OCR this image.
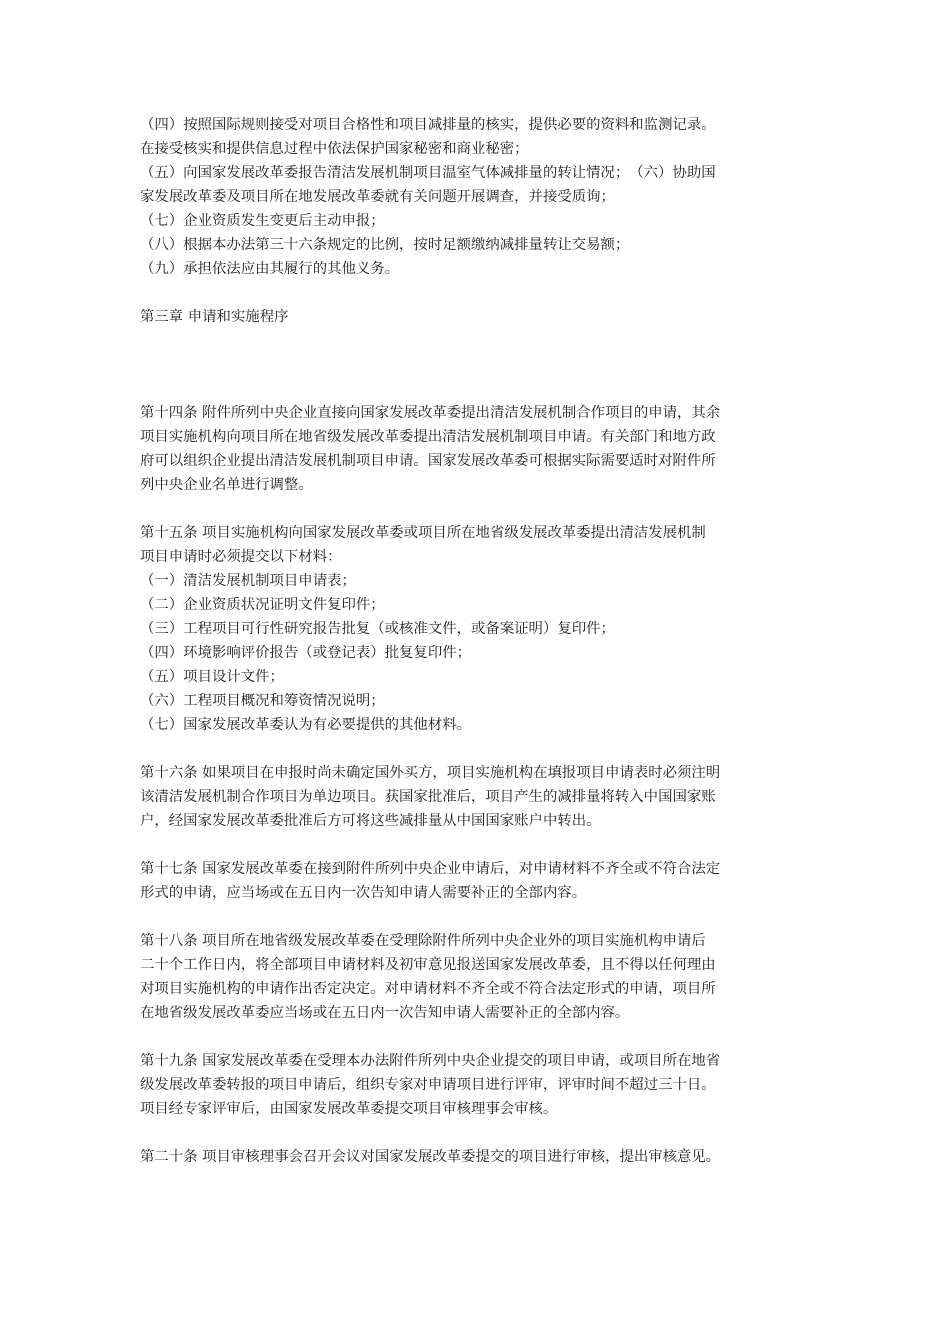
（四）按照国际规则接受对项目合格性和项目减排量的核实，提供必要的资料和监测记录。

在接受核实和提供信息过程中依法保护国家秘密和商业秘密；

（五）向国家发展改革委报告清洁发展机制项目温室气体减排量的转让情况；　（六）协助国

家发展改革委及项目所在地发展改革委就有关问题开展调查，并接受质询；

（七）企业资质发生变更后主动申报；

（八）根据本办法第三十六条规定的比例，按时足额缴纳减排量转让交易额；

（九）承担依法应由其履行的其他义务。

第三章 申请和实施程序

第十四条 附件所列中央企业直接向国家发展改革委提出清洁发展机制合作项目的申请，其余

项目实施机构向项目所在地省级发展改革委提出清洁发展机制项目申请。有关部门和地方政

府可以组织企业提出清洁发展机制项目申请。国家发展改革委可根据实际需要适时对附件所

列中央企业名单进行调整。

第十五条 项目实施机构向国家发展改革委或项目所在地省级发展改革委提出清洁发展机制

项目申请时必须提交以下材料：

（一）清洁发展机制项目申请表；

（二）企业资质状况证明文件复印件；

（三）工程项目可行性研究报告批复（或核准文件，或备案证明）复印件；

（四）环境影响评价报告（或登记表）批复复印件；

（五）项目设计文件；

（六）工程项目概况和筹资情况说明；

（七）国家发展改革委认为有必要提供的其他材料。

第十六条 如果项目在申报时尚未确定国外买方，项目实施机构在填报项目申请表时必须注明

该清洁发展机制合作项目为单边项目。获国家批准后，项目产生的减排量将转入中国国家账

户，经国家发展改革委批准后方可将这些减排量从中国国家账户中转出。

第十七条 国家发展改革委在接到附件所列中央企业申请后，对申请材料不齐全或不符合法定

形式的申请，应当场或在五日内一次告知申请人需要补正的全部内容。

第十八条 项目所在地省级发展改革委在受理除附件所列中央企业外的项目实施机构申请后

二十个工作日内，将全部项目申请材料及初审意见报送国家发展改革委，且不得以任何理由

对项目实施机构的申请作出否定决定。对申请材料不齐全或不符合法定形式的申请，项目所

在地省级发展改革委应当场或在五日内一次告知申请人需要补正的全部内容。

第十九条 国家发展改革委在受理本办法附件所列中央企业提交的项目申请，或项目所在地省

级发展改革委转报的项目申请后，组织专家对申请项目进行评审，评审时间不超过三十日。

项目经专家评审后，由国家发展改革委提交项目审核理事会审核。

第二十条 项目审核理事会召开会议对国家发展改革委提交的项目进行审核，提出审核意见。
